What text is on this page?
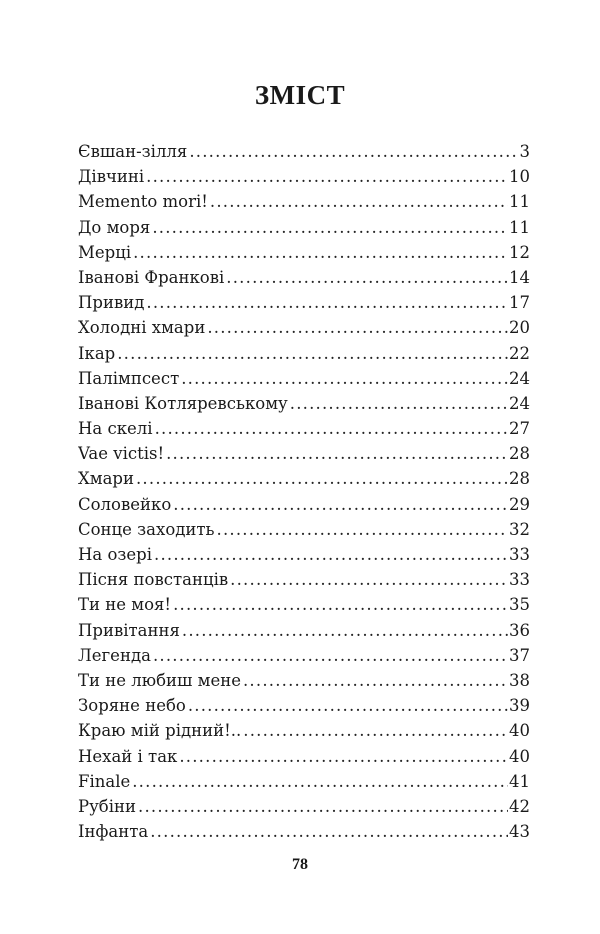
ЗМІСТ
Євшан-зілля .....	3
Дівчині .....	10
Memento mori! .....	11
До моря .....	11
Мерці .....	12
Іванові Франкові .....	14
Привид .....	17
Холодні хмари .....	20
Ікар .....	22
Палімпсест .....	24
Іванові Котляревському .....	24
На скелі .....	27
Vae victis! .....	28
Хмари .....	28
Соловейко .....	29
Сонце заходить .....	32
На озері .....	33
Пісня повстанців .....	33
Ти не моя! .....	35
Привітання .....	36
Легенда .....	37
Ти не любиш мене .....	38
Зоряне небо .....	39
Краю мій рідний!.. .....	40
Нехай і так .....	40
Finale .....	41
Рубіни .....	42
Інфанта .....	43
78
